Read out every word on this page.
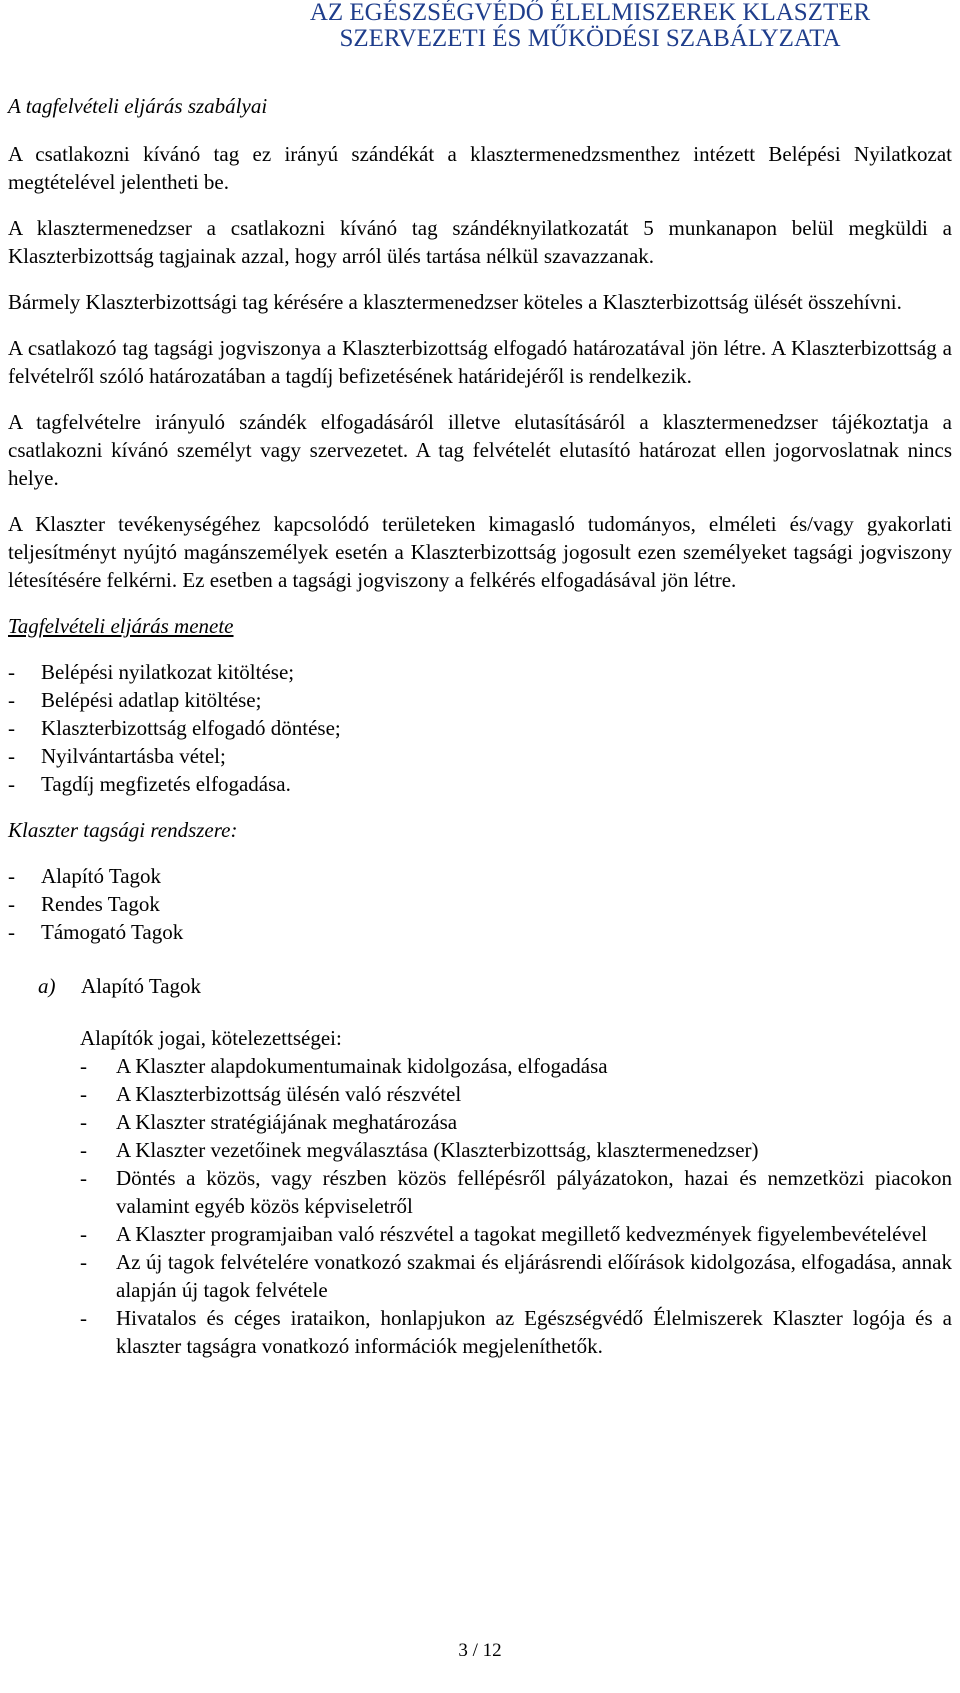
AZ EGÉSZSÉGVÉDŐ ÉLELMISZEREK KLASZTER
SZERVEZETI ÉS MŰKÖDÉSI SZABÁLYZATA
A tagfelvételi eljárás szabályai

A csatlakozni kívánó tag ez irányú szándékát a klasztermenedzsmenthez intézett Belépési Nyilatkozat megtételével jelentheti be.

A klasztermenedzser a csatlakozni kívánó tag szándéknyilatkozatát 5 munkanapon belül megküldi a Klaszterbizottság tagjainak azzal, hogy arról ülés tartása nélkül szavazzanak.

Bármely Klaszterbizottsági tag kérésére a klasztermenedzser köteles a Klaszterbizottság ülését összehívni.

A csatlakozó tag tagsági jogviszonya a Klaszterbizottság elfogadó határozatával jön létre. A Klaszterbizottság a felvételről szóló határozatában a tagdíj befizetésének határidejéről is rendelkezik.

A tagfelvételre irányuló szándék elfogadásáról illetve elutasításáról a klasztermenedzser tájékoztatja a csatlakozni kívánó személyt vagy szervezetet. A tag felvételét elutasító határozat ellen jogorvoslatnak nincs helye.

A Klaszter tevékenységéhez kapcsolódó területeken kimagasló tudományos, elméleti és/vagy gyakorlati teljesítményt nyújtó magánszemélyek esetén a Klaszterbizottság jogosult ezen személyeket tagsági jogviszony létesítésére felkérni. Ez esetben a tagsági jogviszony a felkérés elfogadásával jön létre.

Tagfelvételi eljárás menete
- Belépési nyilatkozat kitöltése;
- Belépési adatlap kitöltése;
- Klaszterbizottság elfogadó döntése;
- Nyilvántartásba vétel;
- Tagdíj megfizetés elfogadása.
Klaszter tagsági rendszere:
- Alapító Tagok
- Rendes Tagok
- Támogató Tagok
a) Alapító Tagok
Alapítók jogai, kötelezettségei:
- A Klaszter alapdokumentumainak kidolgozása, elfogadása
- A Klaszterbizottság ülésén való részvétel
- A Klaszter stratégiájának meghatározása
- A Klaszter vezetőinek megválasztása (Klaszterbizottság, klasztermenedzser)
- Döntés a közös, vagy részben közös fellépésről pályázatokon, hazai és nemzetközi piacokon valamint egyéb közös képviseletről
- A Klaszter programjaiban való részvétel a tagokat megillető kedvezmények figyelembevételével
- Az új tagok felvételére vonatkozó szakmai és eljárásrendi előírások kidolgozása, elfogadása, annak alapján új tagok felvétele
- Hivatalos és céges irataikon, honlapjukon az Egészségvédő Élelmiszerek Klaszter logója és a klaszter tagságra vonatkozó információk megjeleníthetők.
3 / 12
